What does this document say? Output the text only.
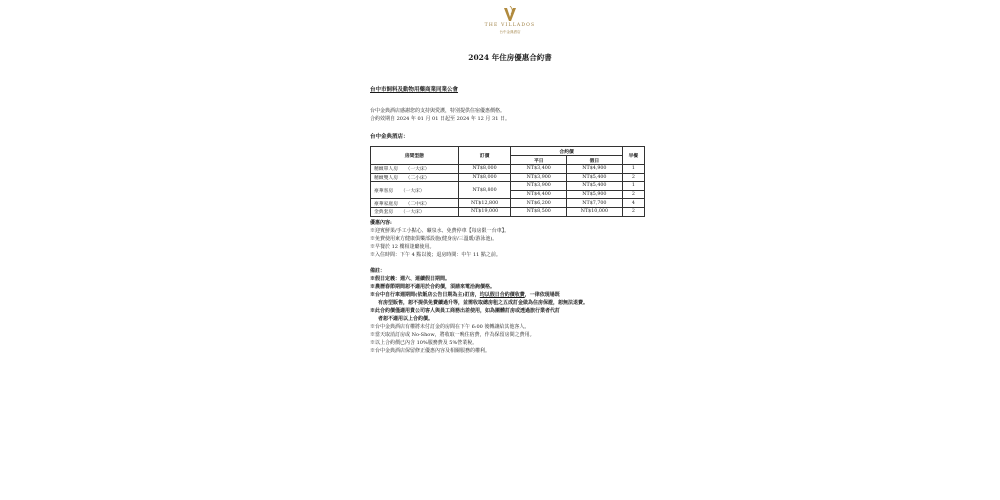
THE VILLADOS
台中金典酒店
2024 年住房優惠合約書
台中市飼料及動物用藥商業同業公會
台中金典酒店感謝您的支持與愛護，特別提供住宿優惠價格。
合約效期自 2024 年 01 月 01 日起至 2024 年 12 月 31 日。
台中金典酒店：
房間型態	訂價	合約價		早餐
		平日	假日	
精緻單人房 （一大床）	NT$8,000	NT$3,400	NT$4,900	1
精緻雙人房 （二小床）	NT$8,000	NT$3,900	NT$5,400	2
豪華客房 （一大床）	NT$8,800	NT$3,900	NT$5,400	1
		NT$4,400	NT$5,900	2
豪華家庭房 （二中床）	NT$12,800	NT$6,200	NT$7,700	4
金典套房 （一大床）	NT$19,000	NT$8,500	NT$10,000	2
優惠內容:
※迎賓鮮果/手工小點心、礦泉水、免費停車【每房限一台車】。
※免費使用東方健康俱樂部設施(健身房/三溫暖/游泳池)。
※早餐於 12 樓相逢廳使用。
※入住時間：下午 4 點以後；退房時間：中午 11 點之前。
備註：
※假日定義：週六、連續假日期間。
※農曆春節期間恕不適用於合約價，須請來電洽詢價格。
※台中自行車週期間(依飯店公告日期為主)訂房，均以假日合約價收費，一律依現場既
有房型販售，恕不提供免費續過升等，並需收取總房租之五成訂金做為住房保證，恕無法退費。
※此合約價僅適用貴公司客人與員工商務出差使用，如為團體訂房或透過旅行業者代訂
者恕不適用以上合約價。
※台中金典酒店有權將未付訂金的房間在下午 6:00 後轉讓給其他客人。
※當天取消訂房或 No-Show，將收取一晚住宿費，作為保留房間之費用。
※以上合約價已內含 10%服務費及 5%營業稅。
※台中金典酒店保留修正優惠內容及相關服務的權利。
